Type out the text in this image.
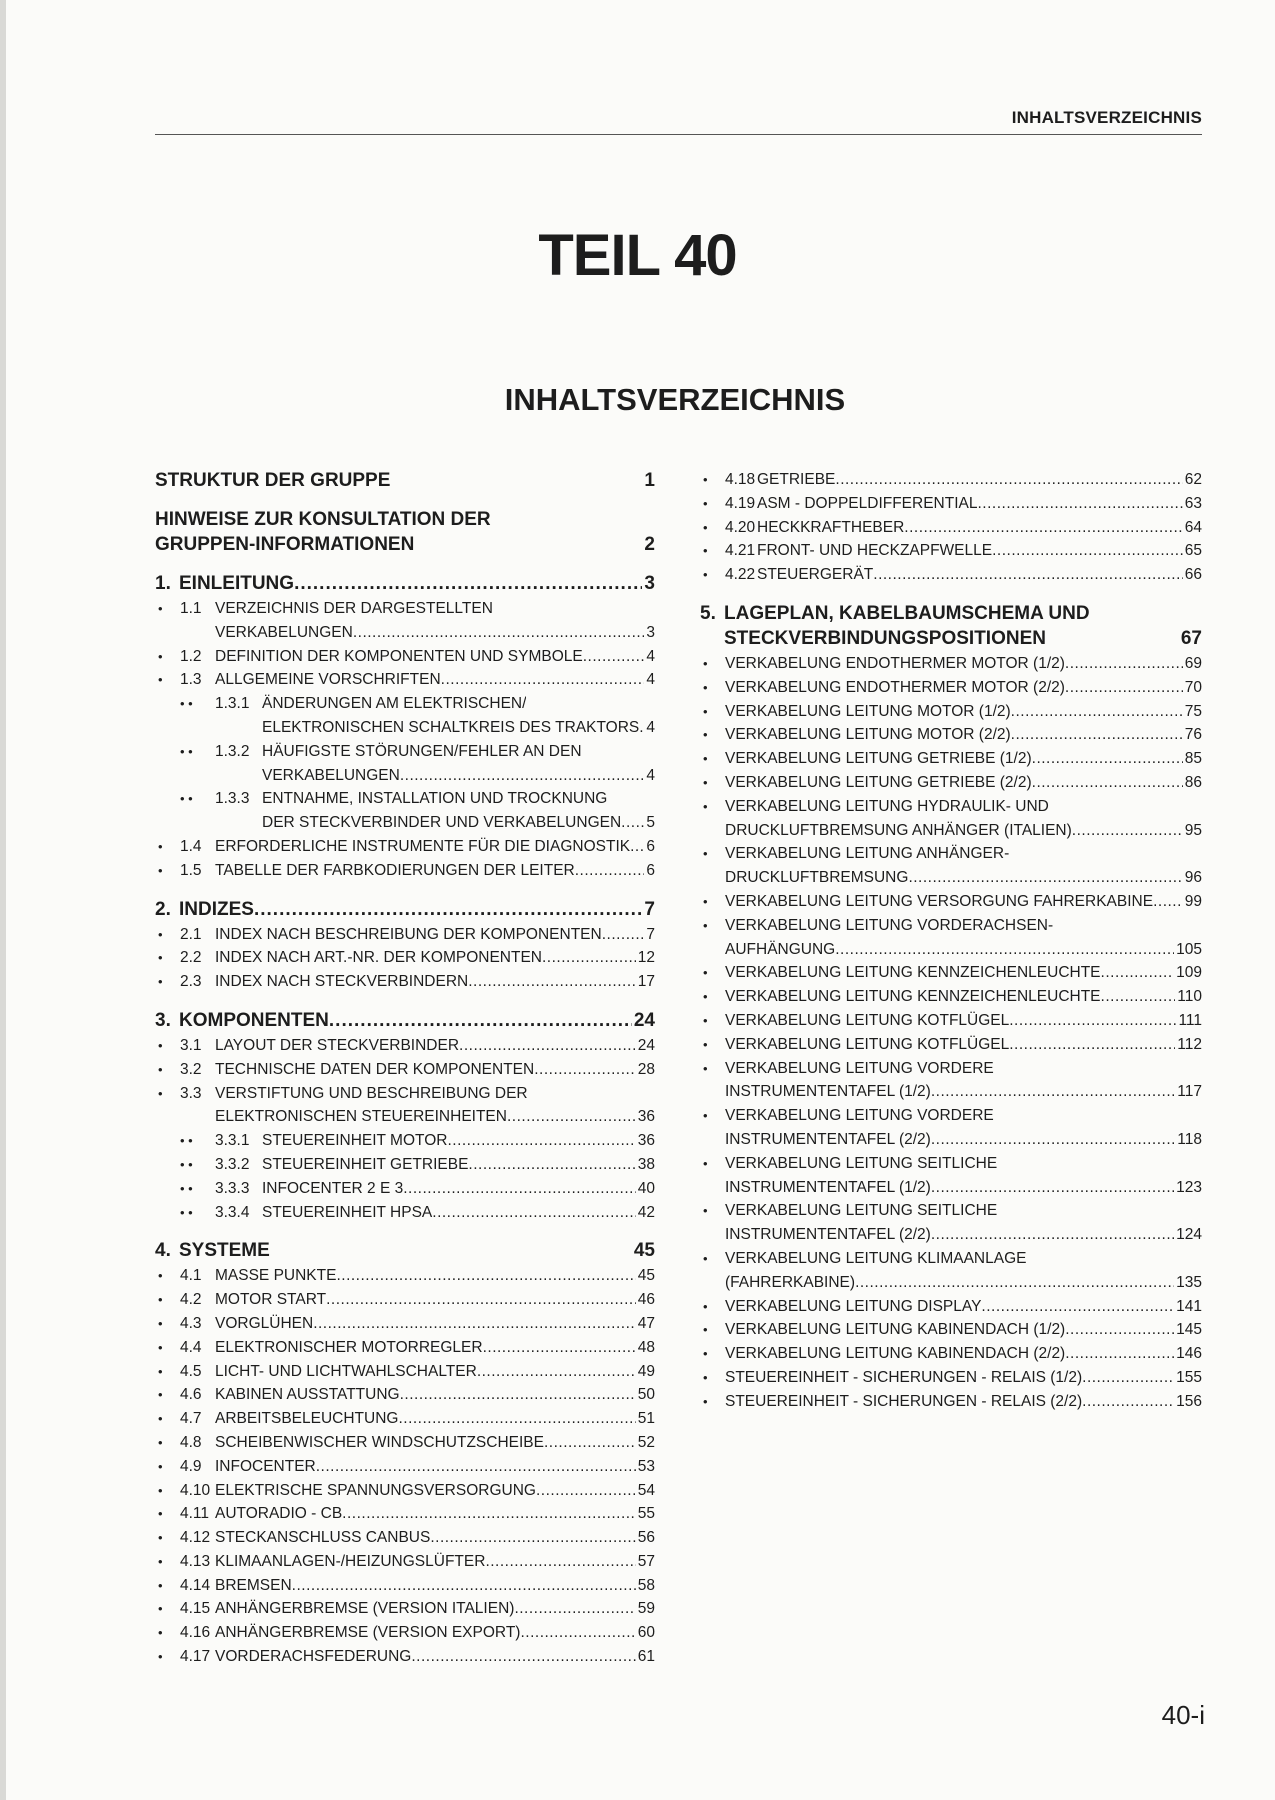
INHALTSVERZEICHNIS
TEIL 40
INHALTSVERZEICHNIS
STRUKTUR DER GRUPPE	1
HINWEISE ZUR KONSULTATION DER
GRUPPEN-INFORMATIONEN	2
1. EINLEITUNG .....	3
• 1.1 VERZEICHNIS DER DARGESTELLTEN
VERKABELUNGEN .....	3
• 1.2 DEFINITION DER KOMPONENTEN UND SYMBOLE .....	4
• 1.3 ALLGEMEINE VORSCHRIFTEN .....	4
• • 1.3.1 ÄNDERUNGEN AM ELEKTRISCHEN/
ELEKTRONISCHEN SCHALTKREIS DES TRAKTORS ..... 4
• • 1.3.2 HÄUFIGSTE STÖRUNGEN/FEHLER AN DEN
VERKABELUNGEN .....	4
• • 1.3.3 ENTNAHME, INSTALLATION UND TROCKNUNG
DER STECKVERBINDER UND VERKABELUNGEN ..... 5
• 1.4 ERFORDERLICHE INSTRUMENTE FÜR DIE DIAGNOSTIK ..... 6
• 1.5 TABELLE DER FARBKODIERUNGEN DER LEITER .....	6
2. INDIZES .....	7
• 2.1 INDEX NACH BESCHREIBUNG DER KOMPONENTEN .....	7
• 2.2 INDEX NACH ART.-NR. DER KOMPONENTEN .....	12
• 2.3 INDEX NACH STECKVERBINDERN .....	17
3. KOMPONENTEN .....	24
• 3.1 LAYOUT DER STECKVERBINDER .....	24
• 3.2 TECHNISCHE DATEN DER KOMPONENTEN .....	28
• 3.3 VERSTIFTUNG UND BESCHREIBUNG DER
ELEKTRONISCHEN STEUEREINHEITEN .....	36
• • 3.3.1 STEUEREINHEIT MOTOR .....	36
• • 3.3.2 STEUEREINHEIT GETRIEBE .....	38
• • 3.3.3 INFOCENTER 2 E 3 .....	40
• • 3.3.4 STEUEREINHEIT HPSA .....	42
4. SYSTEME	45
• 4.1 MASSE PUNKTE .....	45
• 4.2 MOTOR START .....	46
• 4.3 VORGLÜHEN .....	47
• 4.4 ELEKTRONISCHER MOTORREGLER .....	48
• 4.5 LICHT- UND LICHTWAHLSCHALTER .....	49
• 4.6 KABINEN AUSSTATTUNG .....	50
• 4.7 ARBEITSBELEUCHTUNG .....	51
• 4.8 SCHEIBENWISCHER WINDSCHUTZSCHEIBE .....	52
• 4.9 INFOCENTER .....	53
• 4.10 ELEKTRISCHE SPANNUNGSVERSORGUNG .....	54
• 4.11 AUTORADIO - CB .....	55
• 4.12 STECKANSCHLUSS CANBUS .....	56
• 4.13 KLIMAANLAGEN-/HEIZUNGSLÜFTER .....	57
• 4.14 BREMSEN .....	58
• 4.15 ANHÄNGERBREMSE (VERSION ITALIEN) .....	59
• 4.16 ANHÄNGERBREMSE (VERSION EXPORT) .....	60
• 4.17 VORDERACHSFEDERUNG .....	61
• 4.18 GETRIEBE .....	62
• 4.19 ASM - DOPPELDIFFERENTIAL .....	63
• 4.20 HECKKRAFTHEBER .....	64
• 4.21 FRONT- UND HECKZAPFWELLE .....	65
• 4.22 STEUERGERÄT .....	66
5. LAGEPLAN, KABELBAUMSCHEMA UND
STECKVERBINDUNGSPOSITIONEN	67
• VERKABELUNG ENDOTHERMER MOTOR (1/2) .....	69
• VERKABELUNG ENDOTHERMER MOTOR (2/2) .....	70
• VERKABELUNG LEITUNG MOTOR (1/2) .....	75
• VERKABELUNG LEITUNG MOTOR (2/2) .....	76
• VERKABELUNG LEITUNG GETRIEBE (1/2) .....	85
• VERKABELUNG LEITUNG GETRIEBE (2/2) .....	86
• VERKABELUNG LEITUNG HYDRAULIK- UND
DRUCKLUFTBREMSUNG ANHÄNGER (ITALIEN) .....	95
• VERKABELUNG LEITUNG ANHÄNGER-
DRUCKLUFTBREMSUNG .....	96
• VERKABELUNG LEITUNG VERSORGUNG FAHRERKABINE ..... 99
• VERKABELUNG LEITUNG VORDERACHSEN-
AUFHÄNGUNG .....	105
• VERKABELUNG LEITUNG KENNZEICHENLEUCHTE .....	109
• VERKABELUNG LEITUNG KENNZEICHENLEUCHTE .....	110
• VERKABELUNG LEITUNG KOTFLÜGEL .....	111
• VERKABELUNG LEITUNG KOTFLÜGEL .....	112
• VERKABELUNG LEITUNG VORDERE
INSTRUMENTENTAFEL (1/2) .....	117
• VERKABELUNG LEITUNG VORDERE
INSTRUMENTENTAFEL (2/2) .....	118
• VERKABELUNG LEITUNG SEITLICHE
INSTRUMENTENTAFEL (1/2) .....	123
• VERKABELUNG LEITUNG SEITLICHE
INSTRUMENTENTAFEL (2/2) .....	124
• VERKABELUNG LEITUNG KLIMAANLAGE
(FAHRERKABINE) .....	135
• VERKABELUNG LEITUNG DISPLAY .....	141
• VERKABELUNG LEITUNG KABINENDACH (1/2) .....	145
• VERKABELUNG LEITUNG KABINENDACH (2/2) .....	146
• STEUEREINHEIT - SICHERUNGEN - RELAIS (1/2) .....	155
• STEUEREINHEIT - SICHERUNGEN - RELAIS (2/2) .....	156
40-i
